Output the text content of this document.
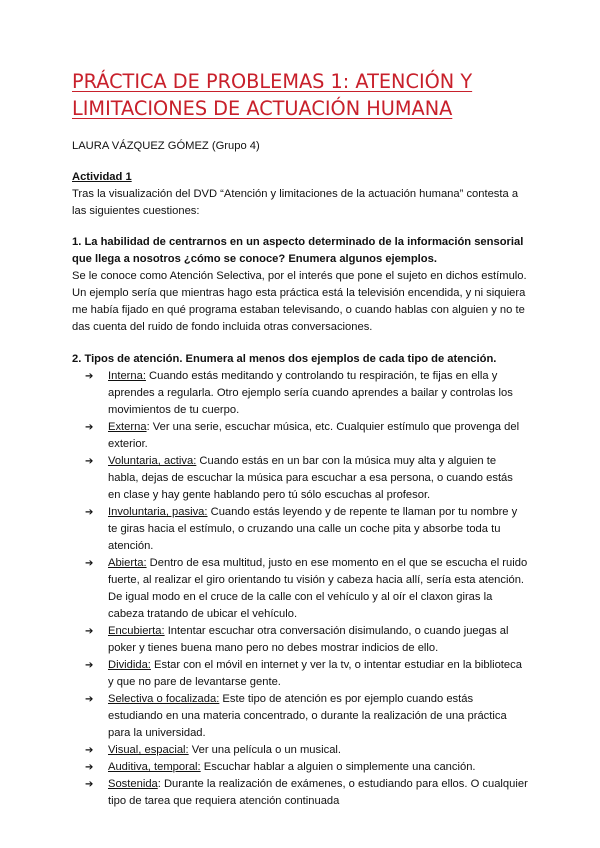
PRÁCTICA DE PROBLEMAS 1: ATENCIÓN Y
LIMITACIONES DE ACTUACIÓN HUMANA
LAURA VÁZQUEZ GÓMEZ (Grupo 4)
Actividad 1

Tras la visualización del DVD “Atención y limitaciones de la actuación humana” contesta a las siguientes cuestiones:

1. La habilidad de centrarnos en un aspecto determinado de la información sensorial que llega a nosotros ¿cómo se conoce? Enumera algunos ejemplos.

Se le conoce como Atención Selectiva, por el interés que pone el sujeto en dichos estímulo. Un ejemplo sería que mientras hago esta práctica está la televisión encendida, y ni siquiera me había fijado en qué programa estaban televisando, o cuando hablas con alguien y no te das cuenta del ruido de fondo incluida otras conversaciones.

2. Tipos de atención. Enumera al menos dos ejemplos de cada tipo de atención.

➔ Interna: Cuando estás meditando y controlando tu respiración, te fijas en ella y aprendes a regularla. Otro ejemplo sería cuando aprendes a bailar y controlas los movimientos de tu cuerpo.
➔ Externa: Ver una serie, escuchar música, etc. Cualquier estímulo que provenga del exterior.
➔ Voluntaria, activa: Cuando estás en un bar con la música muy alta y alguien te habla, dejas de escuchar la música para escuchar a esa persona, o cuando estás en clase y hay gente hablando pero tú sólo escuchas al profesor.
➔ Involuntaria, pasiva: Cuando estás leyendo y de repente te llaman por tu nombre y te giras hacia el estímulo, o cruzando una calle un coche pita y absorbe toda tu atención.
➔ Abierta: Dentro de esa multitud, justo en ese momento en el que se escucha el ruido fuerte, al realizar el giro orientando tu visión y cabeza hacia allí, sería esta atención. De igual modo en el cruce de la calle con el vehículo y al oír el claxon giras la cabeza tratando de ubicar el vehículo.
➔ Encubierta: Intentar escuchar otra conversación disimulando, o cuando juegas al poker y tienes buena mano pero no debes mostrar indicios de ello.
➔ Dividida: Estar con el móvil en internet y ver la tv, o intentar estudiar en la biblioteca y que no pare de levantarse gente.
➔ Selectiva o focalizada: Este tipo de atención es por ejemplo cuando estás estudiando en una materia concentrado, o durante la realización de una práctica para la universidad.
➔ Visual, espacial: Ver una película o un musical.
➔ Auditiva, temporal: Escuchar hablar a alguien o simplemente una canción.
➔ Sostenida: Durante la realización de exámenes, o estudiando para ellos. O cualquier tipo de tarea que requiera atención continuada
